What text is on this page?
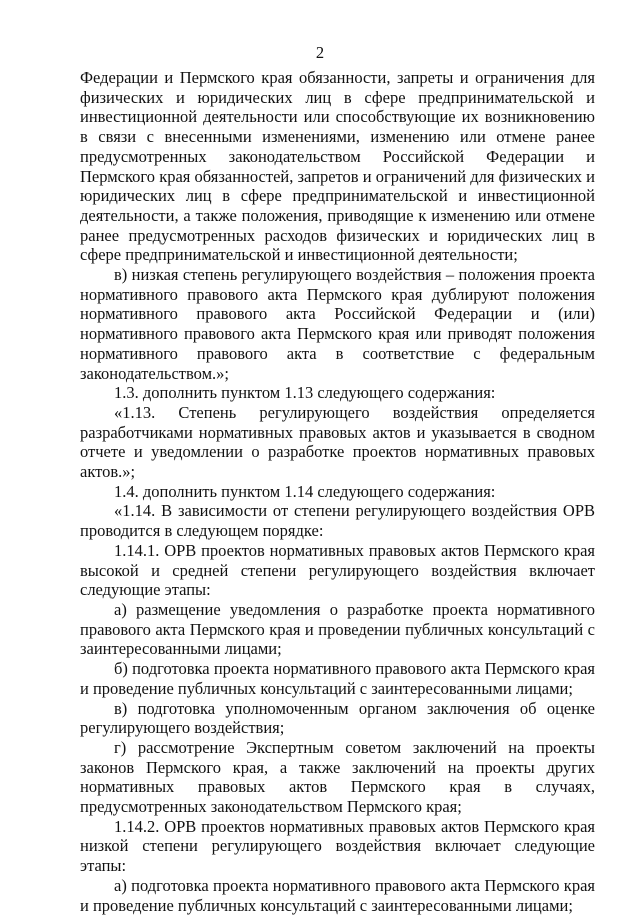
2

Федерации и Пермского края обязанности, запреты и ограничения для физических и юридических лиц в сфере предпринимательской и инвестиционной деятельности или способствующие их возникновению в связи с внесенными изменениями, изменению или отмене ранее предусмотренных законодательством Российской Федерации и Пермского края обязанностей, запретов и ограничений для физических и юридических лиц в сфере предпринимательской и инвестиционной деятельности, а также положения, приводящие к изменению или отмене ранее предусмотренных расходов физических и юридических лиц в сфере предпринимательской и инвестиционной деятельности;

в) низкая степень регулирующего воздействия – положения проекта нормативного правового акта Пермского края дублируют положения нормативного правового акта Российской Федерации и (или) нормативного правового акта Пермского края или приводят положения нормативного правового акта в соответствие с федеральным законодательством.»;

1.3. дополнить пунктом 1.13 следующего содержания:

«1.13. Степень регулирующего воздействия определяется разработчиками нормативных правовых актов и указывается в сводном отчете и уведомлении о разработке проектов нормативных правовых актов.»;

1.4. дополнить пунктом 1.14 следующего содержания:

«1.14. В зависимости от степени регулирующего воздействия ОРВ проводится в следующем порядке:

1.14.1. ОРВ проектов нормативных правовых актов Пермского края высокой и средней степени регулирующего воздействия включает следующие этапы:

а) размещение уведомления о разработке проекта нормативного правового акта Пермского края и проведении публичных консультаций с заинтересованными лицами;

б) подготовка проекта нормативного правового акта Пермского края и проведение публичных консультаций с заинтересованными лицами;

в) подготовка уполномоченным органом заключения об оценке регулирующего воздействия;

г) рассмотрение Экспертным советом заключений на проекты законов Пермского края, а также заключений на проекты других нормативных правовых актов Пермского края в случаях, предусмотренных законодательством Пермского края;

1.14.2. ОРВ проектов нормативных правовых актов Пермского края низкой степени регулирующего воздействия включает следующие этапы:

а) подготовка проекта нормативного правового акта Пермского края и проведение публичных консультаций с заинтересованными лицами;
